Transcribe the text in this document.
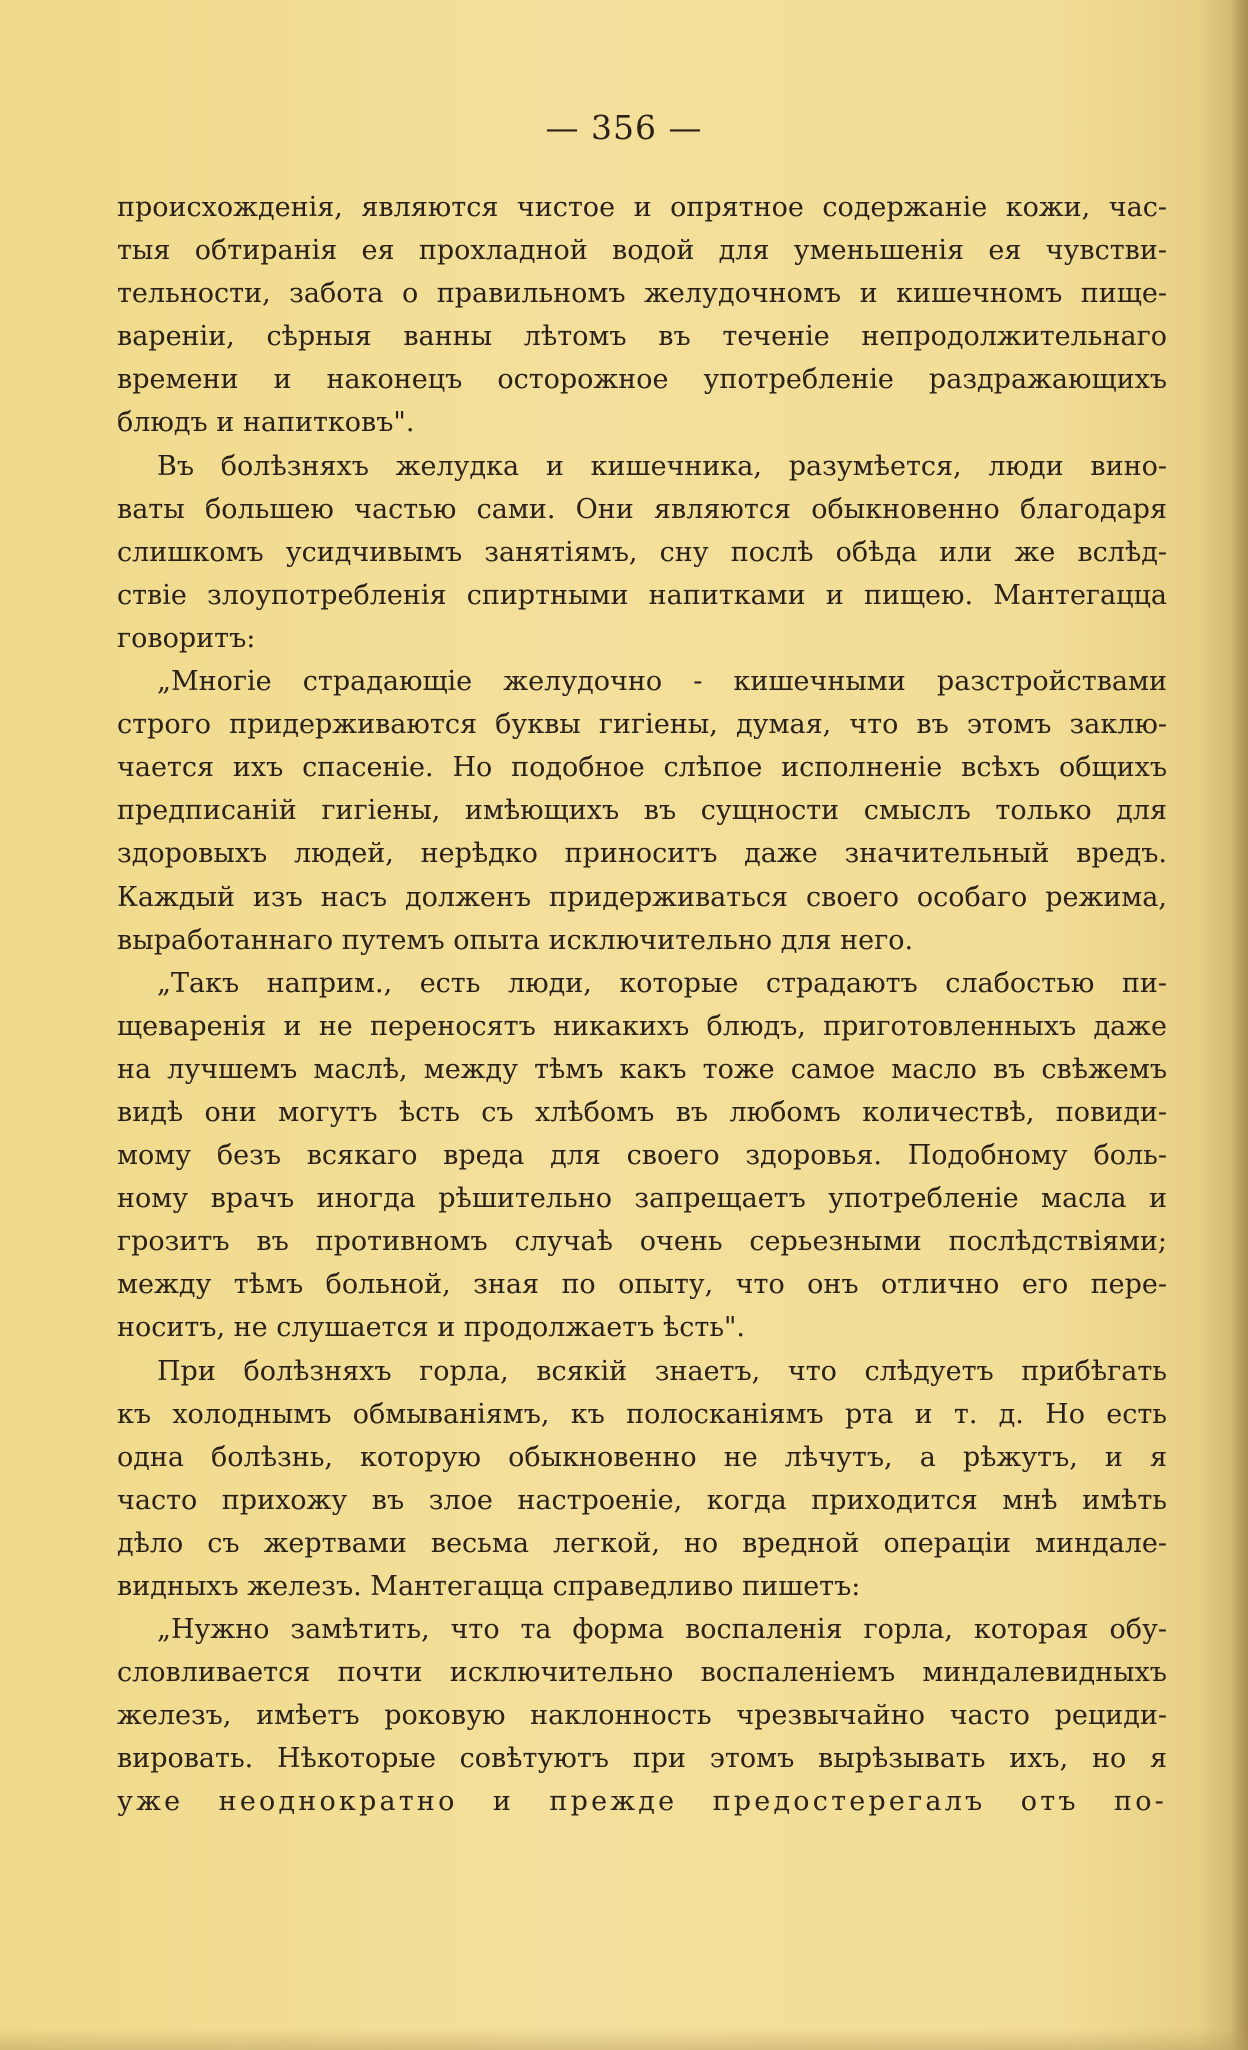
— 356 —
происхожденія, являются чистое и опрятное содержаніе кожи, час-
тыя обтиранія ея прохладной водой для уменьшенія ея чувстви-
тельности, забота о правильномъ желудочномъ и кишечномъ пище-
вареніи, сѣрныя ванны лѣтомъ въ теченіе непродолжительнаго
времени и наконецъ осторожное употребленіе раздражающихъ
блюдъ и напитковъ".
Въ болѣзняхъ желудка и кишечника, разумѣется, люди вино-
ваты большею частью сами. Они являются обыкновенно благодаря
слишкомъ усидчивымъ занятіямъ, сну послѣ обѣда или же вслѣд-
ствіе злоупотребленія спиртными напитками и пищею. Мантегацца
говоритъ:
„Многіе страдающіе желудочно - кишечными разстройствами
строго придерживаются буквы гигіены, думая, что въ этомъ заклю-
чается ихъ спасеніе. Но подобное слѣпое исполненіе всѣхъ общихъ
предписаній гигіены, имѣющихъ въ сущности смыслъ только для
здоровыхъ людей, нерѣдко приноситъ даже значительный вредъ.
Каждый изъ насъ долженъ придерживаться своего особаго режима,
выработаннаго путемъ опыта исключительно для него.
„Такъ наприм., есть люди, которые страдаютъ слабостью пи-
щеваренія и не переносятъ никакихъ блюдъ, приготовленныхъ даже
на лучшемъ маслѣ, между тѣмъ какъ тоже самое масло въ свѣжемъ
видѣ они могутъ ѣсть съ хлѣбомъ въ любомъ количествѣ, повиди-
мому безъ всякаго вреда для своего здоровья. Подобному боль-
ному врачъ иногда рѣшительно запрещаетъ употребленіе масла и
грозитъ въ противномъ случаѣ очень серьезными послѣдствіями;
между тѣмъ больной, зная по опыту, что онъ отлично его пере-
носитъ, не слушается и продолжаетъ ѣсть".
При болѣзняхъ горла, всякій знаетъ, что слѣдуетъ прибѣгать
къ холоднымъ обмываніямъ, къ полосканіямъ рта и т. д. Но есть
одна болѣзнь, которую обыкновенно не лѣчутъ, а рѣжутъ, и я
часто прихожу въ злое настроеніе, когда приходится мнѣ имѣть
дѣло съ жертвами весьма легкой, но вредной операціи миндале-
видныхъ железъ. Мантегацца справедливо пишетъ:
„Нужно замѣтить, что та форма воспаленія горла, которая обу-
словливается почти исключительно воспаленіемъ миндалевидныхъ
железъ, имѣетъ роковую наклонность чрезвычайно часто рециди-
вировать. Нѣкоторые совѣтуютъ при этомъ вырѣзывать ихъ, но я
уже неоднократно и прежде предостерегалъ отъ по-
